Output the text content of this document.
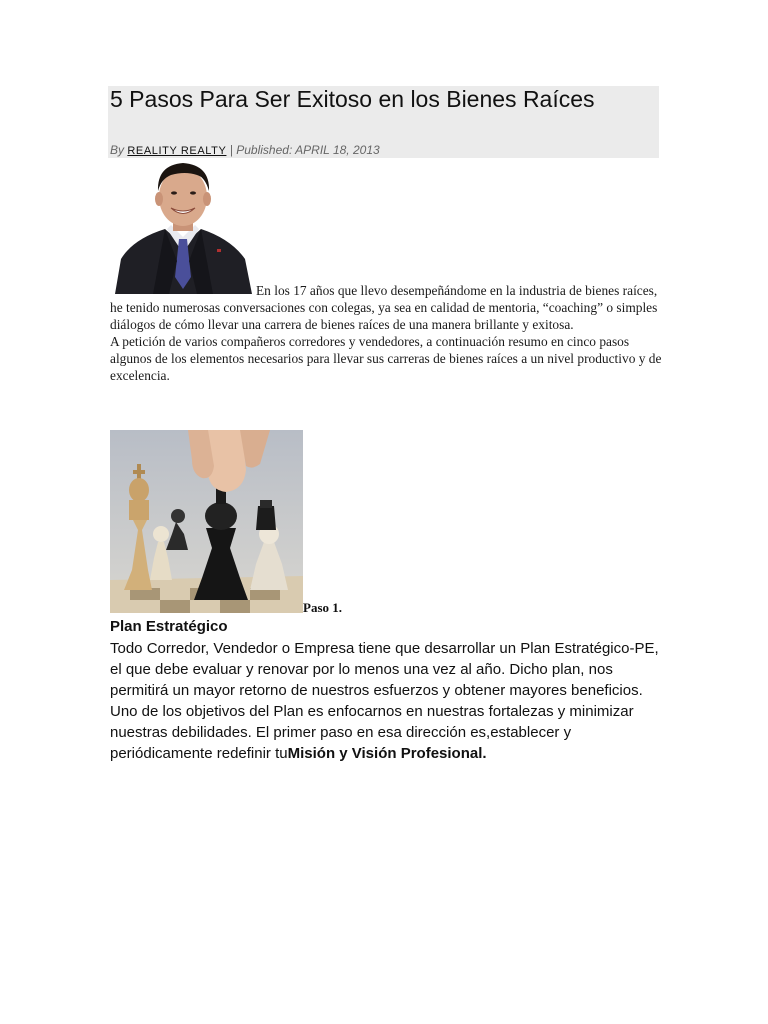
5 Pasos Para Ser Exitoso en los Bienes Raíces
By REALITY REALTY | Published: APRIL 18, 2013

En los 17 años que llevo desempeñándome en la industria de bienes raíces, he tenido numerosas conversaciones con colegas, ya sea en calidad de mentoria, “coaching” o simples diálogos de cómo llevar una carrera de bienes raíces de una manera brillante y exitosa.
A petición de varios compañeros corredores y vendedores, a continuación resumo en cinco pasos algunos de los elementos necesarios para llevar sus carreras de bienes raíces a un nivel productivo y de excelencia.

Paso 1.
Plan Estratégico

Todo Corredor, Vendedor o Empresa tiene que desarrollar un Plan Estratégico-PE, el que debe evaluar y renovar por lo menos una vez al año. Dicho plan, nos permitirá un mayor retorno de nuestros esfuerzos y obtener mayores beneficios. Uno de los objetivos del Plan es enfocarnos en nuestras fortalezas y minimizar nuestras debilidades. El primer paso en esa dirección es,establecer y periódicamente redefinir tuMisión y Visión Profesional.
